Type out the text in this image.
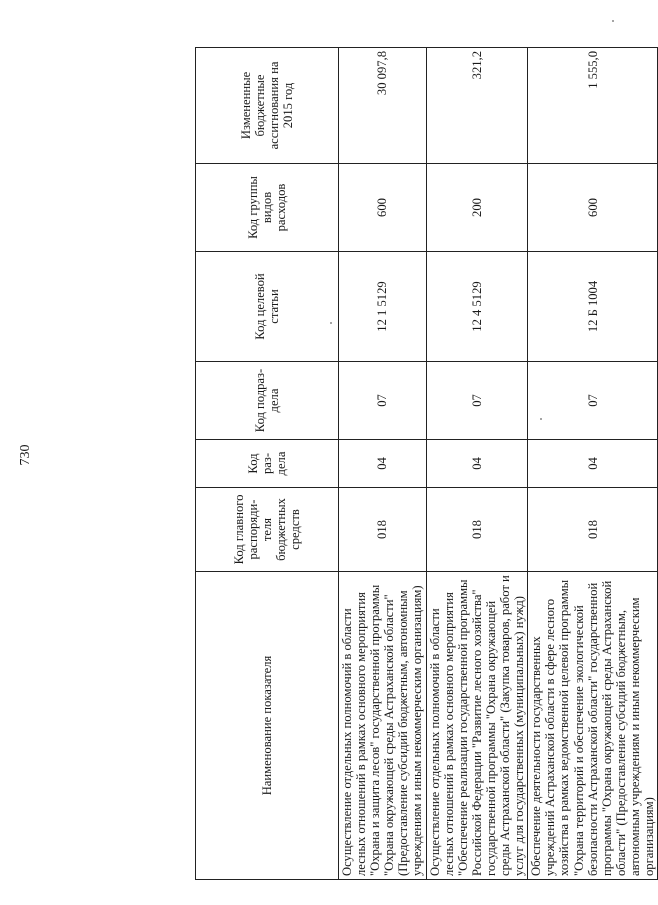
730
Наименование показателя	Код главного распоряди-теля бюджетных средств	Код раз-дела	Код подраз-дела	Код целевой статьи	Код группы видов расходов	Измененные бюджетные ассигнования на 2015 год
Осуществление отдельных полномочий в области лесных отношений в рамках основного мероприятия "Охрана и защита лесов" государственной программы "Охрана окружающей среды Астраханской области" (Предоставление субсидий бюджетным, автономным учреждениям и иным некоммерческим организациям)	018	04	07	12 1 5129	600	30 097,8
Осуществление отдельных полномочий в области лесных отношений в рамках основного мероприятия "Обеспечение реализации государственной программы Российской Федерации "Развитие лесного хозяйства" государственной программы "Охрана окружающей среды Астраханской области" (Закупка товаров, работ и услуг для государственных (муниципальных) нужд)	018	04	07	12 4 5129	200	321,2
Обеспечение деятельности государственных учреждений Астраханской области в сфере лесного хозяйства в рамках ведомственной целевой программы "Охрана территорий и обеспечение экологической безопасности Астраханской области" государственной программы "Охрана окружающей среды Астраханской области" (Предоставление субсидий бюджетным, автономным учреждениям и иным некоммерческим организациям)	018	04	07	12 Б 1004	600	1 555,0
